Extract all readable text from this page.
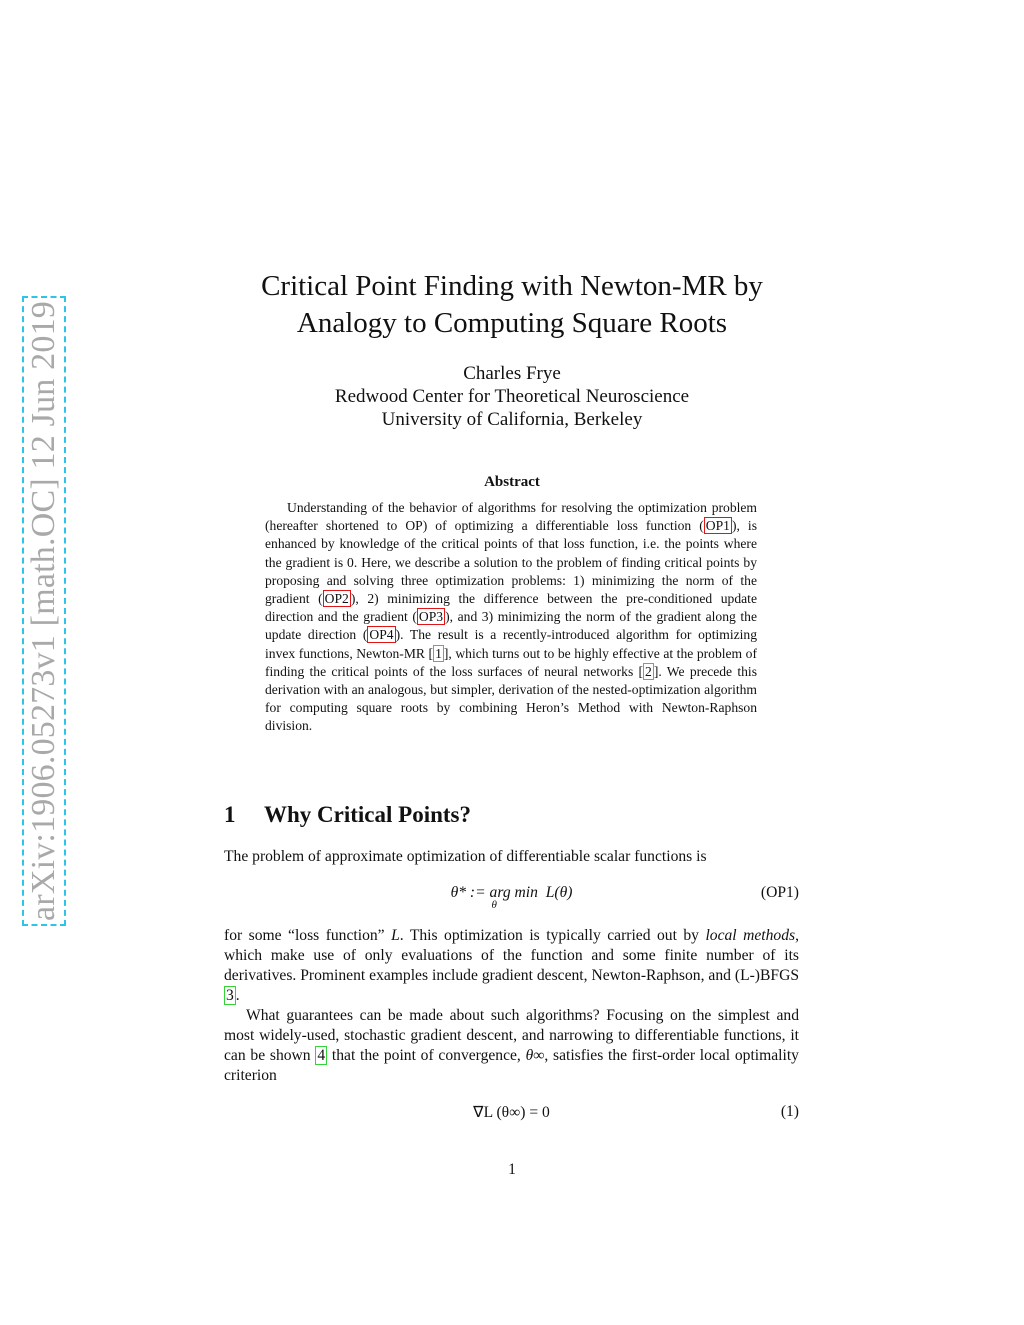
arXiv:1906.05273v1 [math.OC] 12 Jun 2019
Critical Point Finding with Newton-MR by
Analogy to Computing Square Roots
Charles Frye
Redwood Center for Theoretical Neuroscience
University of California, Berkeley
Abstract

Understanding of the behavior of algorithms for resolving the optimization problem (hereafter shortened to OP) of optimizing a differentiable loss function ( OP1 ), is enhanced by knowledge of the critical points of that loss function, i.e. the points where the gradient is 0. Here, we describe a solution to the problem of finding critical points by proposing and solving three optimization problems: 1) minimizing the norm of the gradient ( OP2 ), 2) minimizing the difference between the pre-conditioned update direction and the gradient ( OP3 ), and 3) minimizing the norm of the gradient along the update direction ( OP4 ). The result is a recently-introduced algorithm for optimizing invex functions, Newton-MR [ 1 ], which turns out to be highly effective at the problem of finding the critical points of the loss surfaces of neural networks [ 2 ]. We precede this derivation with an analogous, but simpler, derivation of the nested-optimization algorithm for computing square roots by combining Heron’s Method with Newton-Raphson division.

1 Why Critical Points?

The problem of approximate optimization of differentiable scalar functions is

θ* := arg min
θ
L(θ)	(OP1)

for some “loss function” L. This optimization is typically carried out by local methods, which make use of only evaluations of the function and some finite number of its derivatives. Prominent examples include gradient descent, Newton-Raphson, and (L-)BFGS 3 .

What guarantees can be made about such algorithms? Focusing on the simplest and most widely-used, stochastic gradient descent, and narrowing to differentiable functions, it can be shown 4 that the point of convergence, θ∞, satisfies the first-order local optimality criterion

∇L (θ∞) = 0	(1)
1
